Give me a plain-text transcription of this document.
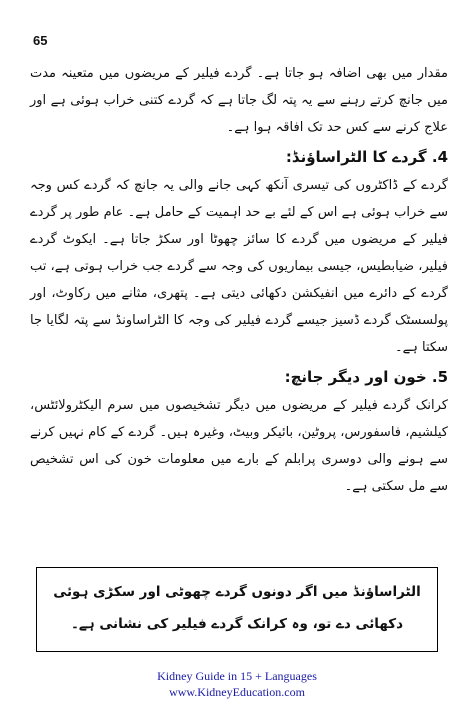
65

مقدار میں بھی اضافہ ہو جاتا ہے۔ گردے فیلیر کے مریضوں میں متعینہ مدت میں جانچ کرتے رہنے سے یہ پتہ لگ جاتا ہے کہ گردے کتنی خراب ہوئی ہے اور علاج کرنے سے کس حد تک افاقہ ہوا ہے۔

4. گردے کا الٹراساؤنڈ:

گردے کے ڈاکٹروں کی تیسری آنکھ کہی جانے والی یہ جانچ کہ گردے کس وجہ سے خراب ہوئی ہے اس کے لئے بے حد اہمیت کے حامل ہے۔ عام طور پر گردے فیلیر کے مریضوں میں گردے کا سائز چھوٹا اور سکڑ جاتا ہے۔ ایکوٹ گردے فیلیر، ضیابطیس، جیسی بیماریوں کی وجہ سے گردے جب خراب ہوتی ہے، تب گردے کے دائرے میں انفیکشن دکھائی دیتی ہے۔ پتھری، مثانے میں رکاوٹ، اور پولسسٹک گردے ڈسیز جیسے گردے فیلیر کی وجہ کا الٹراساونڈ سے پتہ لگایا جا سکتا ہے۔

5. خون اور دیگر جانچ:

کرانک گردے فیلیر کے مریضوں میں دیگر تشخیصوں میں سرم الیکٹرولائٹس، کیلشیم، فاسفورس، پروٹین، بائیکر وبیٹ، وغیرہ ہیں۔ گردے کے کام نہیں کرنے سے ہونے والی دوسری پرابلم کے بارے میں معلومات خون کی اس تشخیص سے مل سکتی ہے۔

الٹراساؤنڈ میں اگر دونوں گردے چھوٹی اور سکڑی ہوئی دکھائی دے تو، وہ کرانک گردے فیلیر کی نشانی ہے۔
Kidney Guide in 15 + Languages
www.KidneyEducation.com
